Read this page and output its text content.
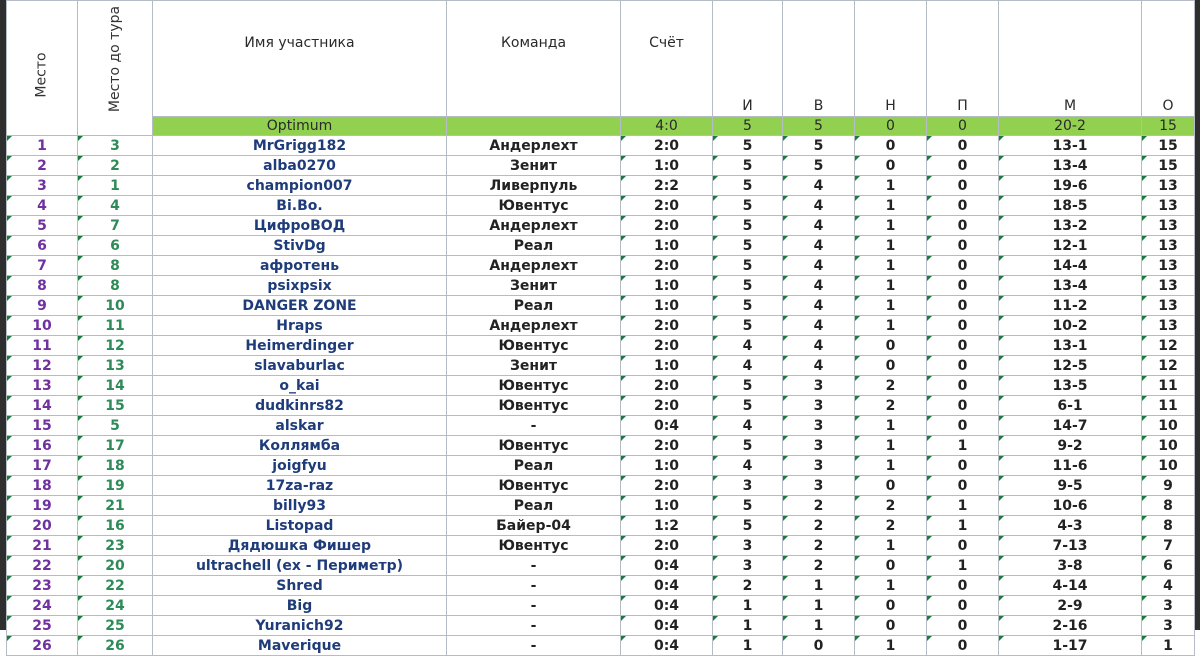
Место	Место до тура	Имя участника	Команда	Счёт	И	В	Н	П	М	О
		Optimum		4:0	5	5	0	0	20-2	15
1	3	MrGrigg182	Андерлехт	2:0	5	5	0	0	13-1	15
2	2	alba0270	Зенит	1:0	5	5	0	0	13-4	15
3	1	champion007	Ливерпуль	2:2	5	4	1	0	19-6	13
4	4	Bi.Bo.	Ювентус	2:0	5	4	1	0	18-5	13
5	7	ЦифроВОД	Андерлехт	2:0	5	4	1	0	13-2	13
6	6	StivDg	Реал	1:0	5	4	1	0	12-1	13
7	8	афротень	Андерлехт	2:0	5	4	1	0	14-4	13
8	8	psixpsix	Зенит	1:0	5	4	1	0	13-4	13
9	10	DANGER ZONE	Реал	1:0	5	4	1	0	11-2	13
10	11	Hraps	Андерлехт	2:0	5	4	1	0	10-2	13
11	12	Heimerdinger	Ювентус	2:0	4	4	0	0	13-1	12
12	13	slavaburlac	Зенит	1:0	4	4	0	0	12-5	12
13	14	o_kai	Ювентус	2:0	5	3	2	0	13-5	11
14	15	dudkinrs82	Ювентус	2:0	5	3	2	0	6-1	11
15	5	alskar	-	0:4	4	3	1	0	14-7	10
16	17	Коллямба	Ювентус	2:0	5	3	1	1	9-2	10
17	18	joigfyu	Реал	1:0	4	3	1	0	11-6	10
18	19	17za-raz	Ювентус	2:0	3	3	0	0	9-5	9
19	21	billy93	Реал	1:0	5	2	2	1	10-6	8
20	16	Listopad	Байер-04	1:2	5	2	2	1	4-3	8
21	23	Дядюшка Фишер	Ювентус	2:0	3	2	1	0	7-13	7
22	20	ultrachell (ex - Периметр)	-	0:4	3	2	0	1	3-8	6
23	22	Shred	-	0:4	2	1	1	0	4-14	4
24	24	Big	-	0:4	1	1	0	0	2-9	3
25	25	Yuranich92	-	0:4	1	1	0	0	2-16	3
26	26	Maverique	-	0:4	1	0	1	0	1-17	1
